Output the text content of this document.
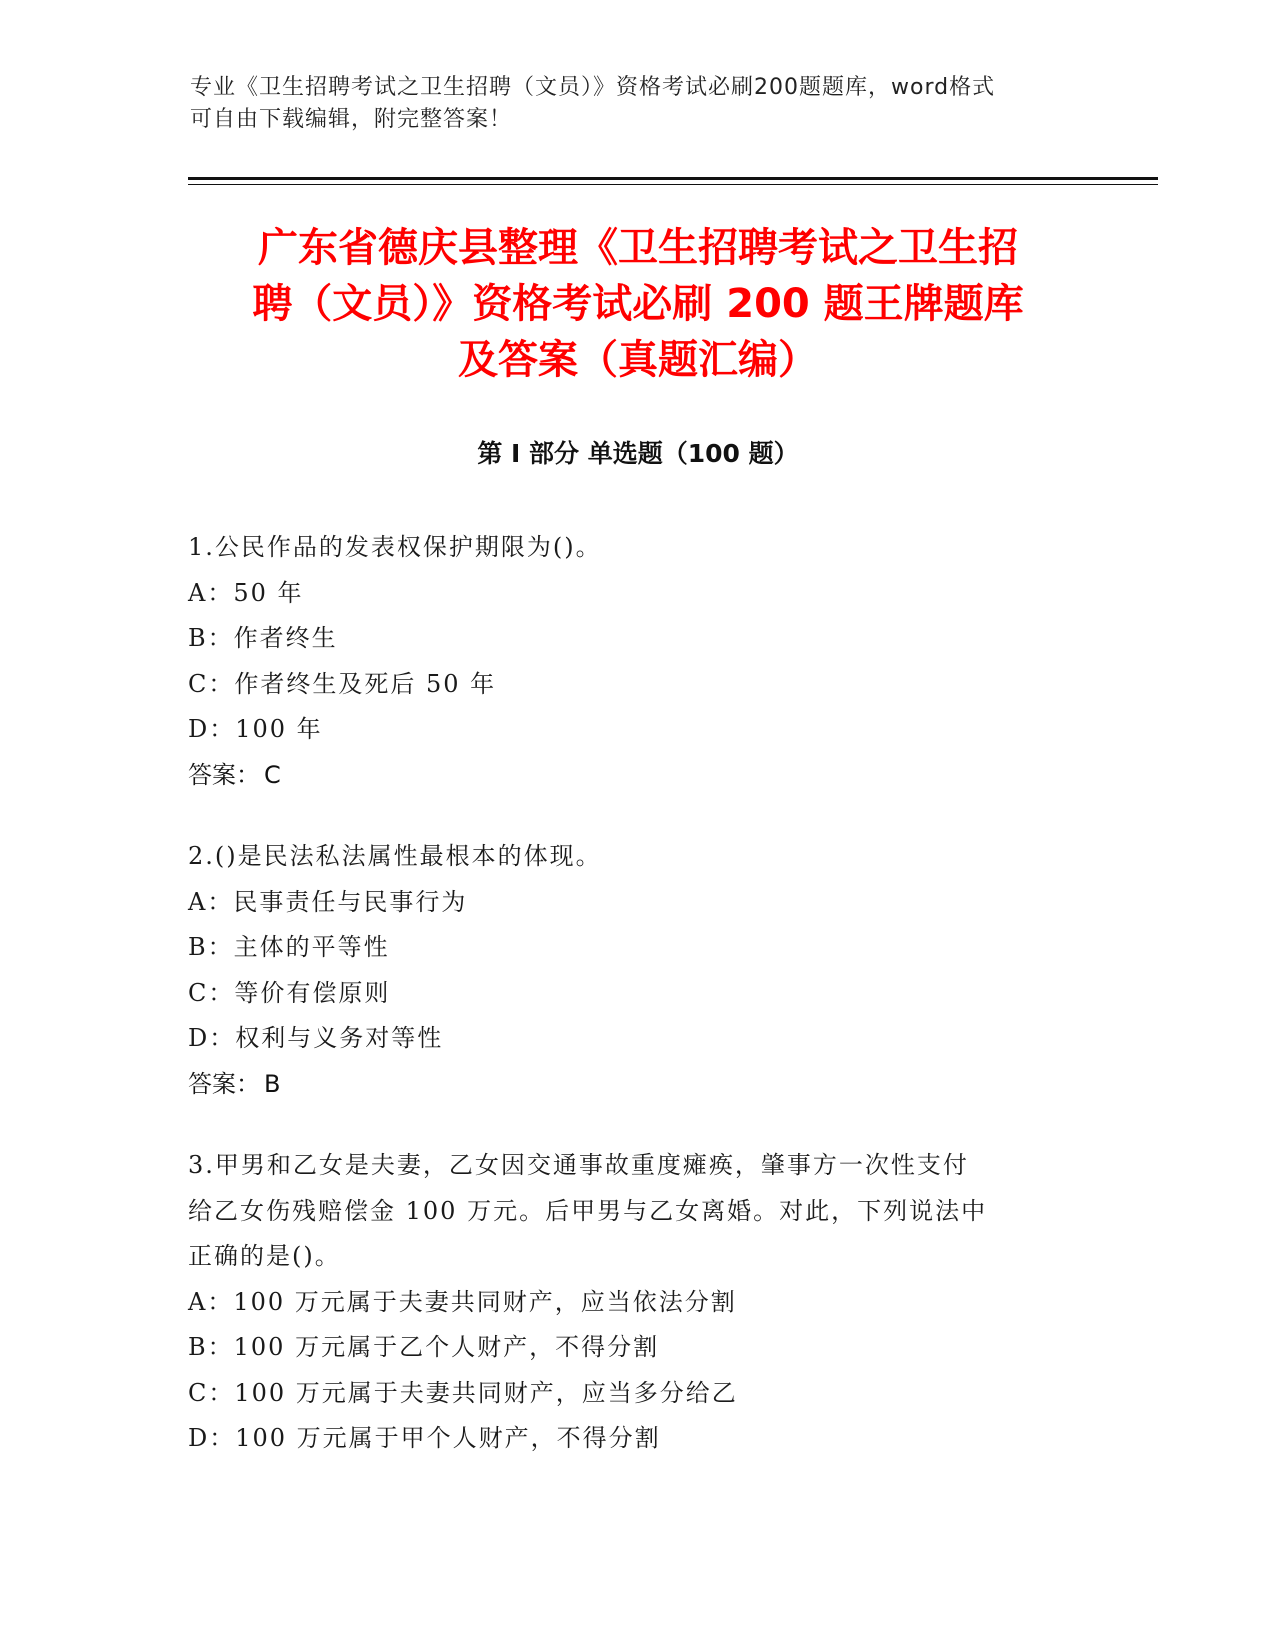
专业《卫生招聘考试之卫生招聘（文员）》资格考试必刷200题题库，word格式
可自由下载编辑，附完整答案！
广东省德庆县整理《卫生招聘考试之卫生招
聘（文员）》资格考试必刷 200 题王牌题库
及答案（真题汇编）
第 I 部分 单选题（100 题）
1.公民作品的发表权保护期限为()。
A：50 年
B：作者终生
C：作者终生及死后 50 年
D：100 年
答案： C
2.()是民法私法属性最根本的体现。
A：民事责任与民事行为
B：主体的平等性
C：等价有偿原则
D：权利与义务对等性
答案： B
3.甲男和乙女是夫妻，乙女因交通事故重度瘫痪，肇事方一次性支付
给乙女伤残赔偿金 100 万元。后甲男与乙女离婚。对此，下列说法中
正确的是()。
A：100 万元属于夫妻共同财产，应当依法分割
B：100 万元属于乙个人财产，不得分割
C：100 万元属于夫妻共同财产，应当多分给乙
D：100 万元属于甲个人财产，不得分割
